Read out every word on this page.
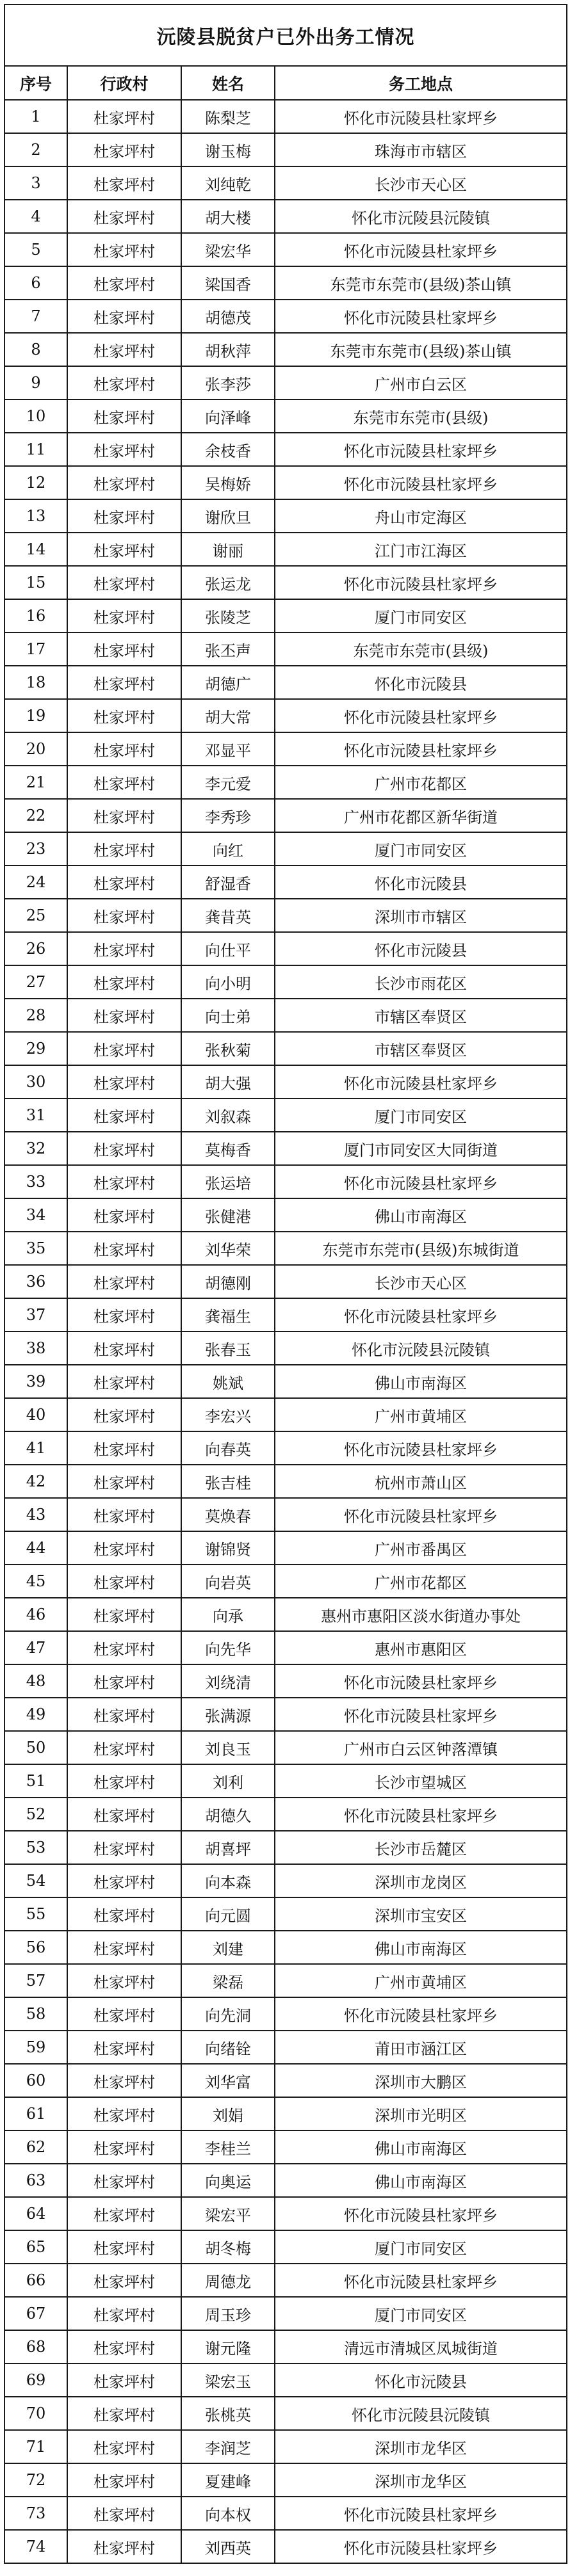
沅陵县脱贫户已外出务工情况			
序号	行政村	姓名	务工地点
1	杜家坪村	陈梨芝	怀化市沅陵县杜家坪乡
2	杜家坪村	谢玉梅	珠海市市辖区
3	杜家坪村	刘纯乾	长沙市天心区
4	杜家坪村	胡大楼	怀化市沅陵县沅陵镇
5	杜家坪村	梁宏华	怀化市沅陵县杜家坪乡
6	杜家坪村	梁国香	东莞市东莞市(县级)茶山镇
7	杜家坪村	胡德茂	怀化市沅陵县杜家坪乡
8	杜家坪村	胡秋萍	东莞市东莞市(县级)茶山镇
9	杜家坪村	张李莎	广州市白云区
10	杜家坪村	向泽峰	东莞市东莞市(县级)
11	杜家坪村	余枝香	怀化市沅陵县杜家坪乡
12	杜家坪村	吴梅娇	怀化市沅陵县杜家坪乡
13	杜家坪村	谢欣旦	舟山市定海区
14	杜家坪村	谢丽	江门市江海区
15	杜家坪村	张运龙	怀化市沅陵县杜家坪乡
16	杜家坪村	张陵芝	厦门市同安区
17	杜家坪村	张丕声	东莞市东莞市(县级)
18	杜家坪村	胡德广	怀化市沅陵县
19	杜家坪村	胡大常	怀化市沅陵县杜家坪乡
20	杜家坪村	邓显平	怀化市沅陵县杜家坪乡
21	杜家坪村	李元爱	广州市花都区
22	杜家坪村	李秀珍	广州市花都区新华街道
23	杜家坪村	向红	厦门市同安区
24	杜家坪村	舒湿香	怀化市沅陵县
25	杜家坪村	龚昔英	深圳市市辖区
26	杜家坪村	向仕平	怀化市沅陵县
27	杜家坪村	向小明	长沙市雨花区
28	杜家坪村	向士弟	市辖区奉贤区
29	杜家坪村	张秋菊	市辖区奉贤区
30	杜家坪村	胡大强	怀化市沅陵县杜家坪乡
31	杜家坪村	刘叙森	厦门市同安区
32	杜家坪村	莫梅香	厦门市同安区大同街道
33	杜家坪村	张运培	怀化市沅陵县杜家坪乡
34	杜家坪村	张健港	佛山市南海区
35	杜家坪村	刘华荣	东莞市东莞市(县级)东城街道
36	杜家坪村	胡德刚	长沙市天心区
37	杜家坪村	龚福生	怀化市沅陵县杜家坪乡
38	杜家坪村	张春玉	怀化市沅陵县沅陵镇
39	杜家坪村	姚斌	佛山市南海区
40	杜家坪村	李宏兴	广州市黄埔区
41	杜家坪村	向春英	怀化市沅陵县杜家坪乡
42	杜家坪村	张吉桂	杭州市萧山区
43	杜家坪村	莫焕春	怀化市沅陵县杜家坪乡
44	杜家坪村	谢锦贤	广州市番禺区
45	杜家坪村	向岩英	广州市花都区
46	杜家坪村	向承	惠州市惠阳区淡水街道办事处
47	杜家坪村	向先华	惠州市惠阳区
48	杜家坪村	刘绕清	怀化市沅陵县杜家坪乡
49	杜家坪村	张满源	怀化市沅陵县杜家坪乡
50	杜家坪村	刘良玉	广州市白云区钟落潭镇
51	杜家坪村	刘利	长沙市望城区
52	杜家坪村	胡德久	怀化市沅陵县杜家坪乡
53	杜家坪村	胡喜坪	长沙市岳麓区
54	杜家坪村	向本森	深圳市龙岗区
55	杜家坪村	向元圆	深圳市宝安区
56	杜家坪村	刘建	佛山市南海区
57	杜家坪村	梁磊	广州市黄埔区
58	杜家坪村	向先洞	怀化市沅陵县杜家坪乡
59	杜家坪村	向绪铨	莆田市涵江区
60	杜家坪村	刘华富	深圳市大鹏区
61	杜家坪村	刘娟	深圳市光明区
62	杜家坪村	李桂兰	佛山市南海区
63	杜家坪村	向奥运	佛山市南海区
64	杜家坪村	梁宏平	怀化市沅陵县杜家坪乡
65	杜家坪村	胡冬梅	厦门市同安区
66	杜家坪村	周德龙	怀化市沅陵县杜家坪乡
67	杜家坪村	周玉珍	厦门市同安区
68	杜家坪村	谢元隆	清远市清城区凤城街道
69	杜家坪村	梁宏玉	怀化市沅陵县
70	杜家坪村	张桃英	怀化市沅陵县沅陵镇
71	杜家坪村	李润芝	深圳市龙华区
72	杜家坪村	夏建峰	深圳市龙华区
73	杜家坪村	向本权	怀化市沅陵县杜家坪乡
74	杜家坪村	刘西英	怀化市沅陵县杜家坪乡
